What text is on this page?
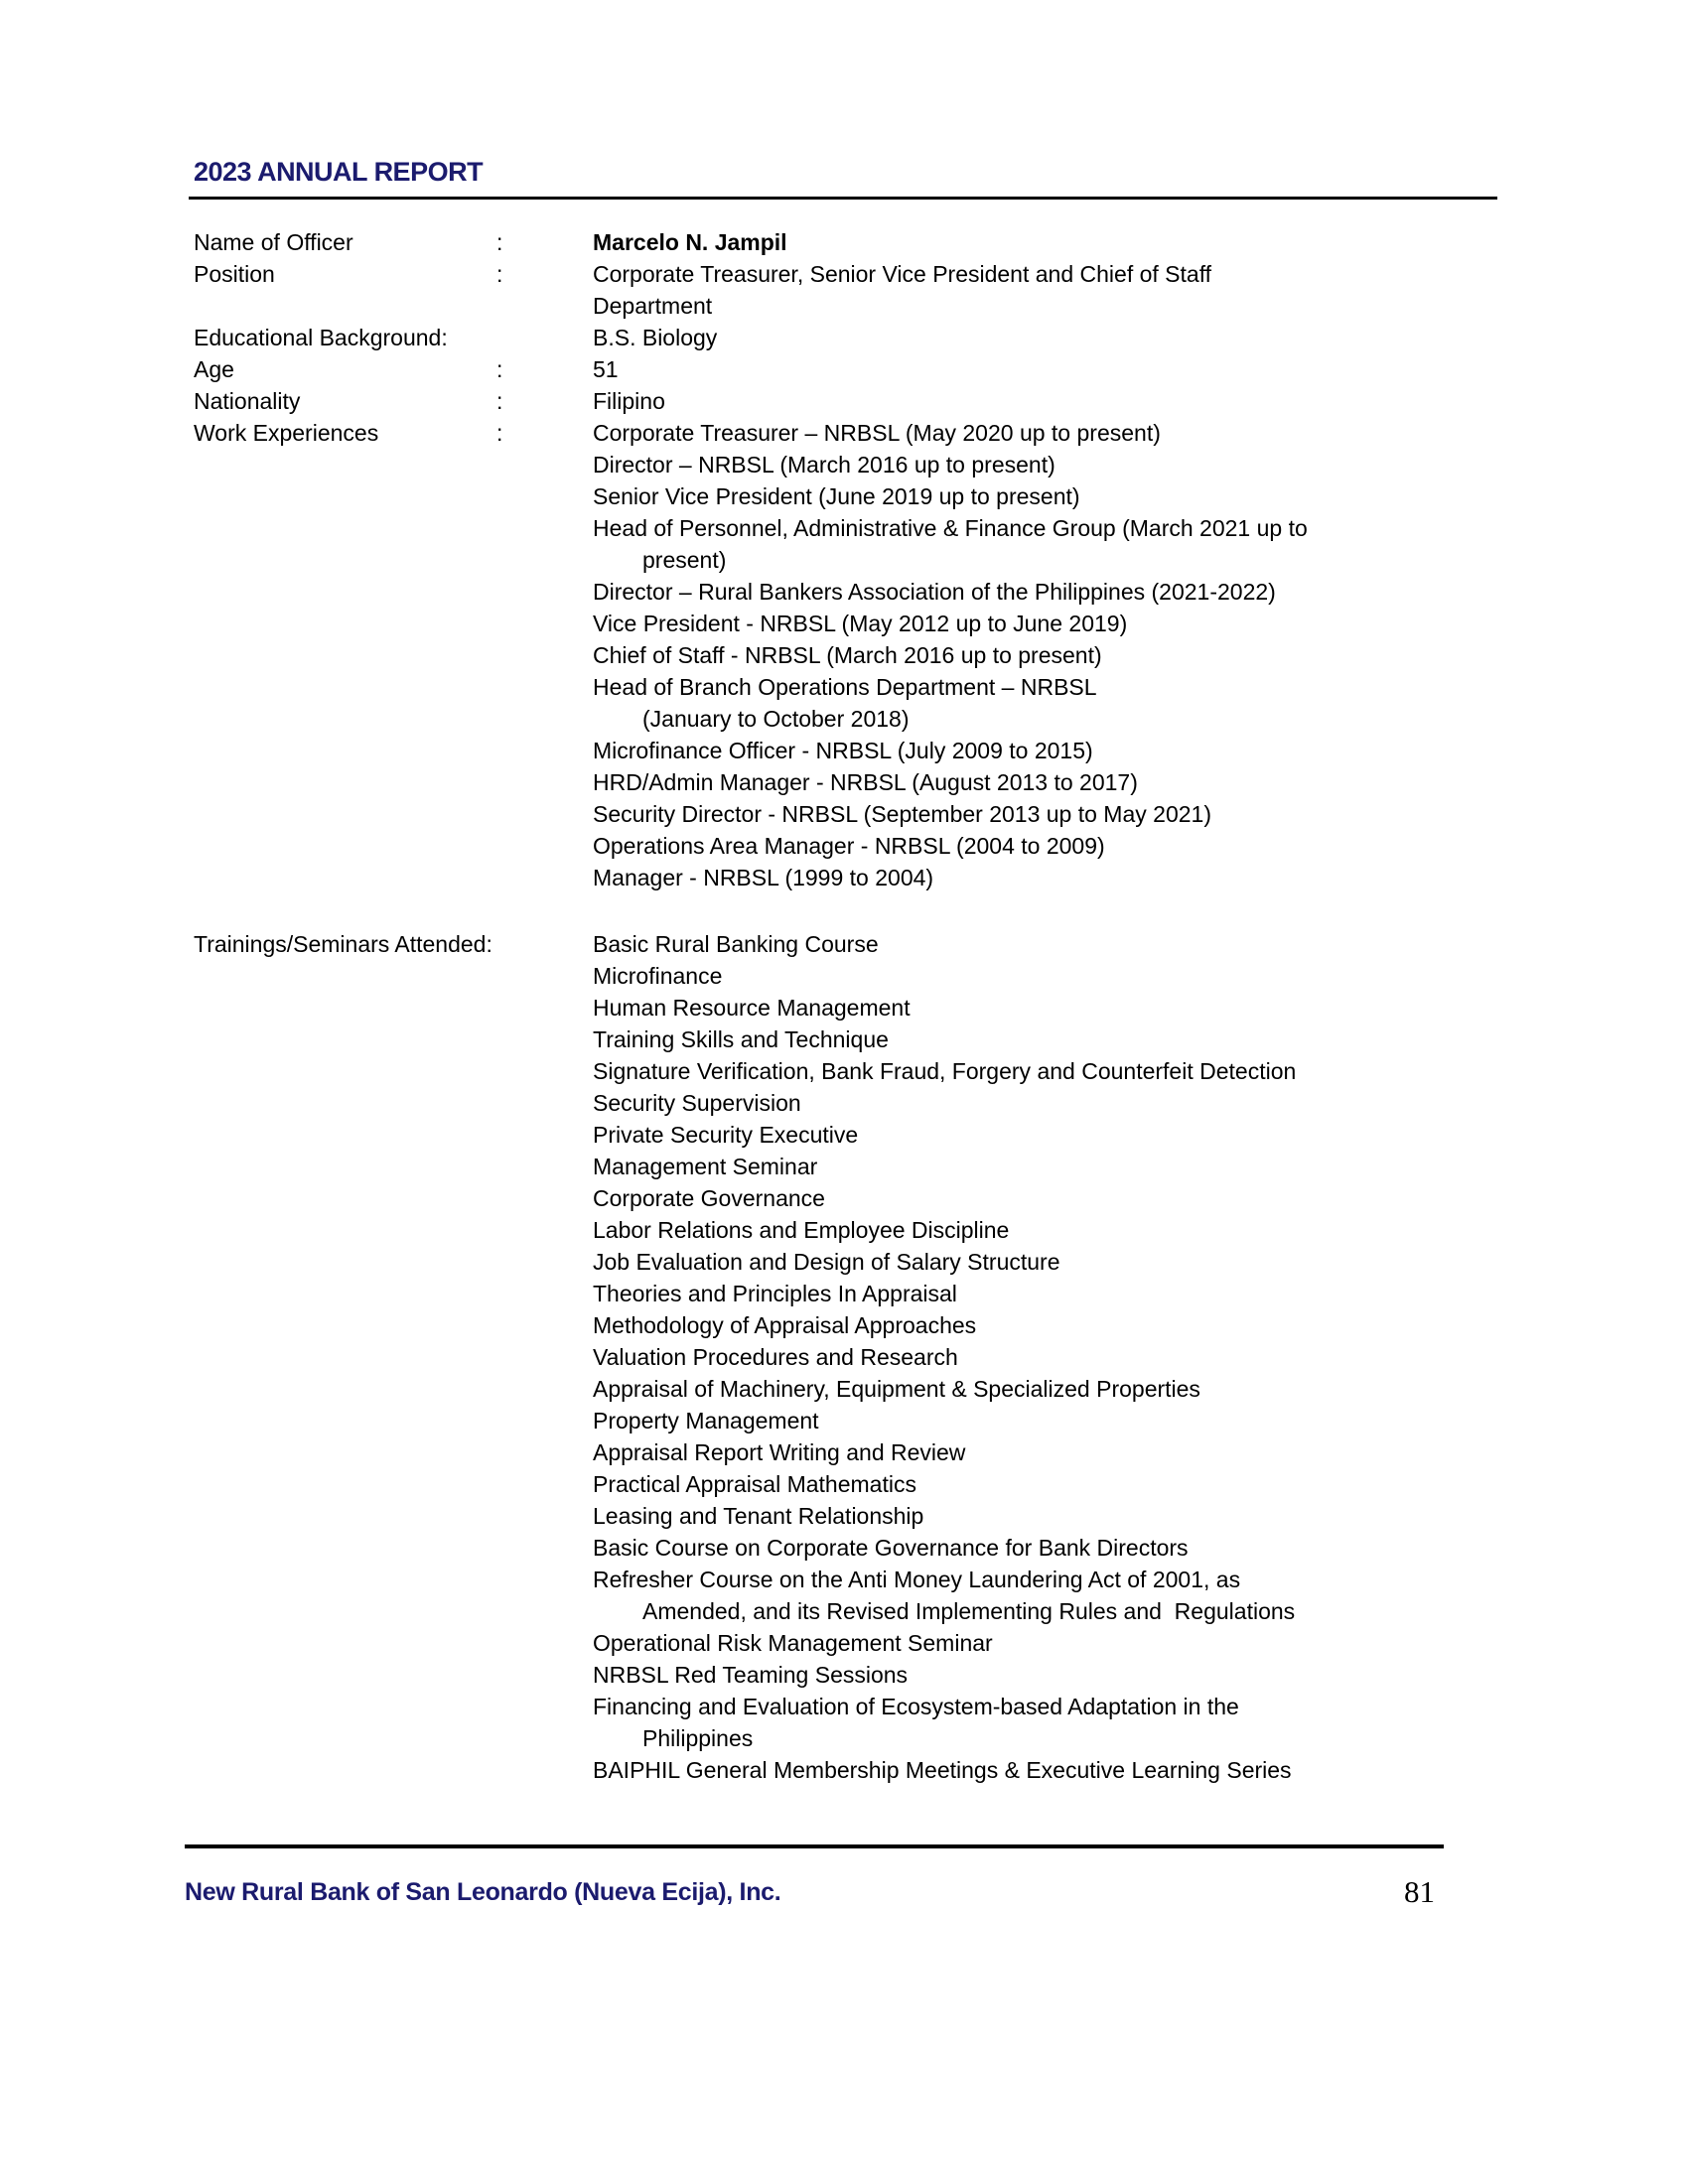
2023 ANNUAL REPORT
Name of Officer	:	Marcelo N. Jampil
Position	:	Corporate Treasurer, Senior Vice President and Chief of Staff
Department
Educational Background:	B.S. Biology
Age	:	51
Nationality	:	Filipino
Work Experiences	:	Corporate Treasurer – NRBSL (May 2020 up to present)
Director – NRBSL (March 2016 up to present)
Senior Vice President (June 2019 up to present)
Head of Personnel, Administrative & Finance Group (March 2021 up to
present)
Director – Rural Bankers Association of the Philippines (2021-2022)
Vice President - NRBSL (May 2012 up to June 2019)
Chief of Staff - NRBSL (March 2016 up to present)
Head of Branch Operations Department – NRBSL
(January to October 2018)
Microfinance Officer - NRBSL (July 2009 to 2015)
HRD/Admin Manager - NRBSL (August 2013 to 2017)
Security Director - NRBSL (September 2013 up to May 2021)
Operations Area Manager - NRBSL (2004 to 2009)
Manager - NRBSL (1999 to 2004)
Trainings/Seminars Attended:	Basic Rural Banking Course
Microfinance
Human Resource Management
Training Skills and Technique
Signature Verification, Bank Fraud, Forgery and Counterfeit Detection
Security Supervision
Private Security Executive
Management Seminar
Corporate Governance
Labor Relations and Employee Discipline
Job Evaluation and Design of Salary Structure
Theories and Principles In Appraisal
Methodology of Appraisal Approaches
Valuation Procedures and Research
Appraisal of Machinery, Equipment & Specialized Properties
Property Management
Appraisal Report Writing and Review
Practical Appraisal Mathematics
Leasing and Tenant Relationship
Basic Course on Corporate Governance for Bank Directors
Refresher Course on the Anti Money Laundering Act of 2001, as
Amended, and its Revised Implementing Rules and  Regulations
Operational Risk Management Seminar
NRBSL Red Teaming Sessions
Financing and Evaluation of Ecosystem-based Adaptation in the
Philippines
BAIPHIL General Membership Meetings & Executive Learning Series
New Rural Bank of San Leonardo (Nueva Ecija), Inc.	81
